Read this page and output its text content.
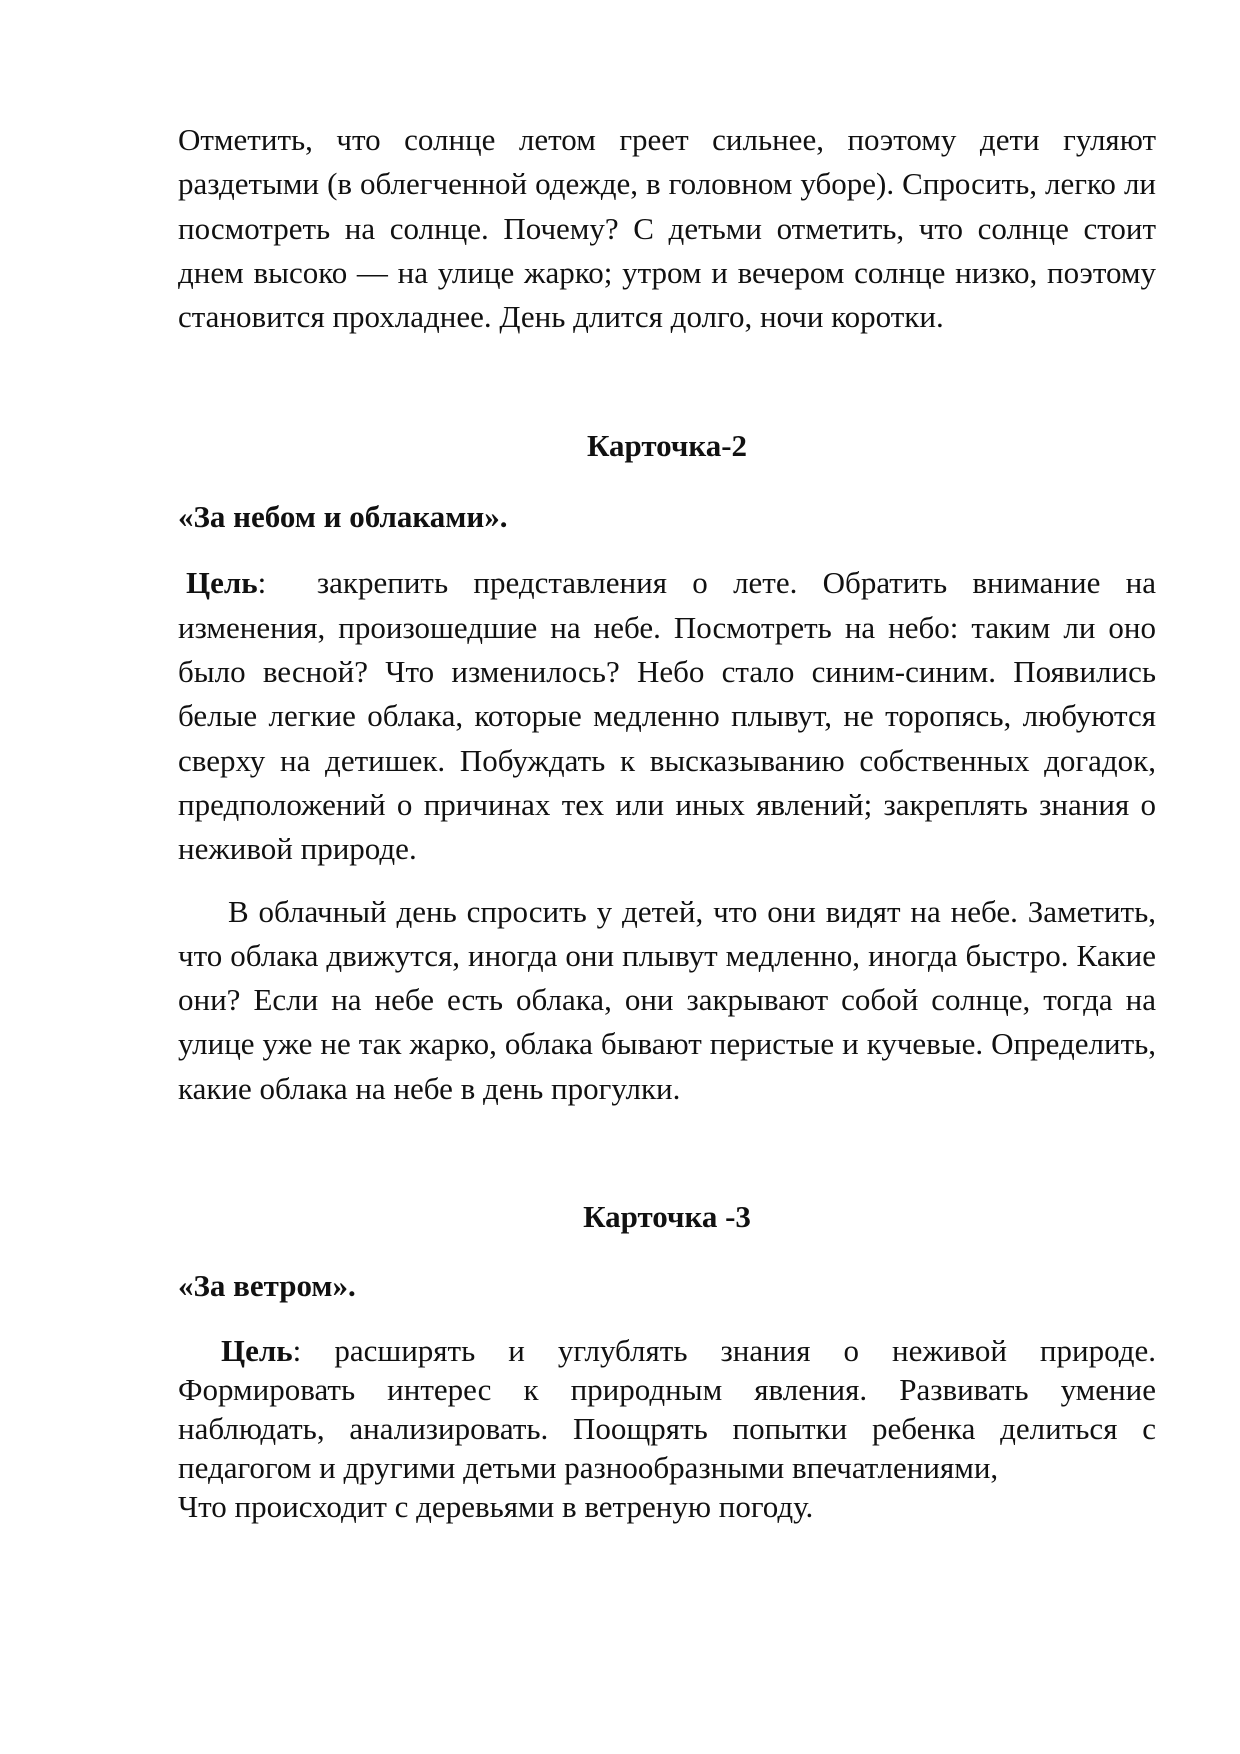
Отметить, что солнце летом греет сильнее, поэтому дети гуляют раздетыми (в облегченной одежде, в головном уборе). Спросить, легко ли посмотреть на солнце. Почему? С детьми отметить, что солнце стоит днем высоко — на улице жарко; утром и вечером солнце низко, поэтому становится прохладнее. День длится долго, ночи коротки.

Карточка-2

«За небом и облаками».

Цель:  закрепить представления о лете. Обратить внимание на изменения, произошедшие на небе. Посмотреть на небо: таким ли оно было весной? Что изменилось? Небо стало синим-синим. Появились белые легкие облака, которые медленно плывут, не торопясь, любуются сверху на детишек. Побуждать к высказыванию собственных догадок, предположений о причинах тех или иных явлений; закреплять знания о неживой природе.

В облачный день спросить у детей, что они видят на небе. Заметить, что облака движутся, иногда они плывут медленно, иногда быстро. Какие они? Если на небе есть облака, они закрывают собой солнце, тогда на улице уже не так жарко, облака бывают перистые и кучевые. Определить, какие облака на небе в день прогулки.

Карточка -3

«За ветром».

Цель: расширять и углублять знания о неживой природе. Формировать интерес к природным явления. Развивать умение наблюдать, анализировать. Поощрять попытки ребенка делиться с педагогом и другими детьми разнообразными впечатлениями,

Что происходит с деревьями в ветреную погоду.
